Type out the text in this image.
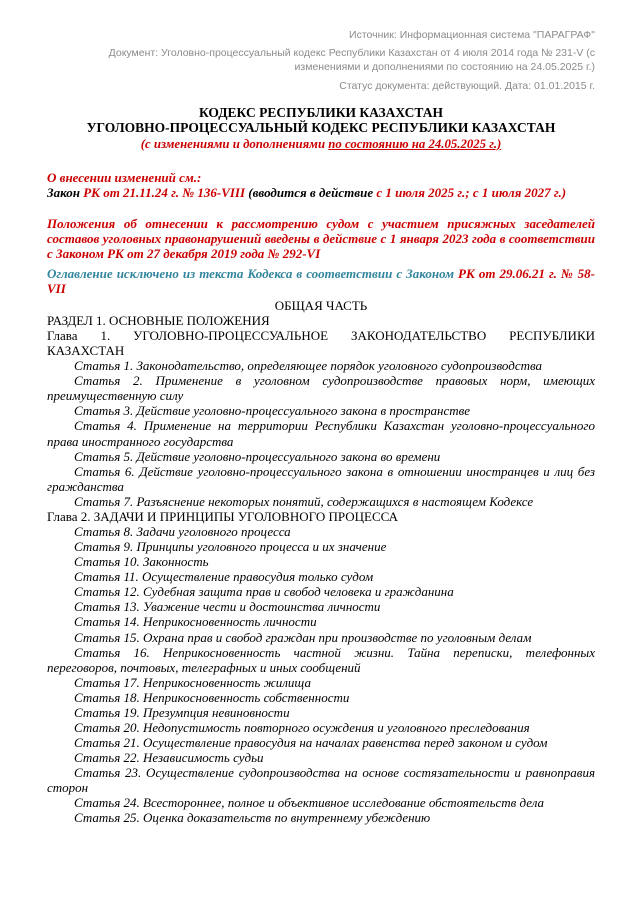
Источник: Информационная система "ПАРАГРАФ"

Документ: Уголовно-процессуальный кодекс Республики Казахстан от 4 июля 2014 года № 231-V (с изменениями и дополнениями по состоянию на 24.05.2025 г.)

Статус документа: действующий. Дата: 01.01.2015 г.

КОДЕКС РЕСПУБЛИКИ КАЗАХСТАН

УГОЛОВНО-ПРОЦЕССУАЛЬНЫЙ КОДЕКС РЕСПУБЛИКИ КАЗАХСТАН

(с изменениями и дополнениями по состоянию на 24.05.2025 г.)

О внесении изменений см.:

Закон РК от 21.11.24 г. № 136-VIII (вводится в действие с 1 июля 2025 г.; с 1 июля 2027 г.)

Положения об отнесении к рассмотрению судом с участием присяжных заседателей составов уголовных правонарушений введены в действие с 1 января 2023 года в соответствии с Законом РК от 27 декабря 2019 года № 292-VI

Оглавление исключено из текста Кодекса в соответствии с Законом РК от 29.06.21 г. № 58-VII

ОБЩАЯ ЧАСТЬ

РАЗДЕЛ 1. ОСНОВНЫЕ ПОЛОЖЕНИЯ

Глава 1. УГОЛОВНО-ПРОЦЕССУАЛЬНОЕ ЗАКОНОДАТЕЛЬСТВО РЕСПУБЛИКИ КАЗАХСТАН

Статья 1. Законодательство, определяющее порядок уголовного судопроизводства

Статья 2. Применение в уголовном судопроизводстве правовых норм, имеющих преимущественную силу

Статья 3. Действие уголовно-процессуального закона в пространстве

Статья 4. Применение на территории Республики Казахстан уголовно-процессуального права иностранного государства

Статья 5. Действие уголовно-процессуального закона во времени

Статья 6. Действие уголовно-процессуального закона в отношении иностранцев и лиц без гражданства

Статья 7. Разъяснение некоторых понятий, содержащихся в настоящем Кодексе

Глава 2. ЗАДАЧИ И ПРИНЦИПЫ УГОЛОВНОГО ПРОЦЕССА

Статья 8. Задачи уголовного процесса

Статья 9. Принципы уголовного процесса и их значение

Статья 10. Законность

Статья 11. Осуществление правосудия только судом

Статья 12. Судебная защита прав и свобод человека и гражданина

Статья 13. Уважение чести и достоинства личности

Статья 14. Неприкосновенность личности

Статья 15. Охрана прав и свобод граждан при производстве по уголовным делам

Статья 16. Неприкосновенность частной жизни. Тайна переписки, телефонных переговоров, почтовых, телеграфных и иных сообщений

Статья 17. Неприкосновенность жилища

Статья 18. Неприкосновенность собственности

Статья 19. Презумпция невиновности

Статья 20. Недопустимость повторного осуждения и уголовного преследования

Статья 21. Осуществление правосудия на началах равенства перед законом и судом

Статья 22. Независимость судьи

Статья 23. Осуществление судопроизводства на основе состязательности и равноправия сторон

Статья 24. Всестороннее, полное и объективное исследование обстоятельств дела

Статья 25. Оценка доказательств по внутреннему убеждению
